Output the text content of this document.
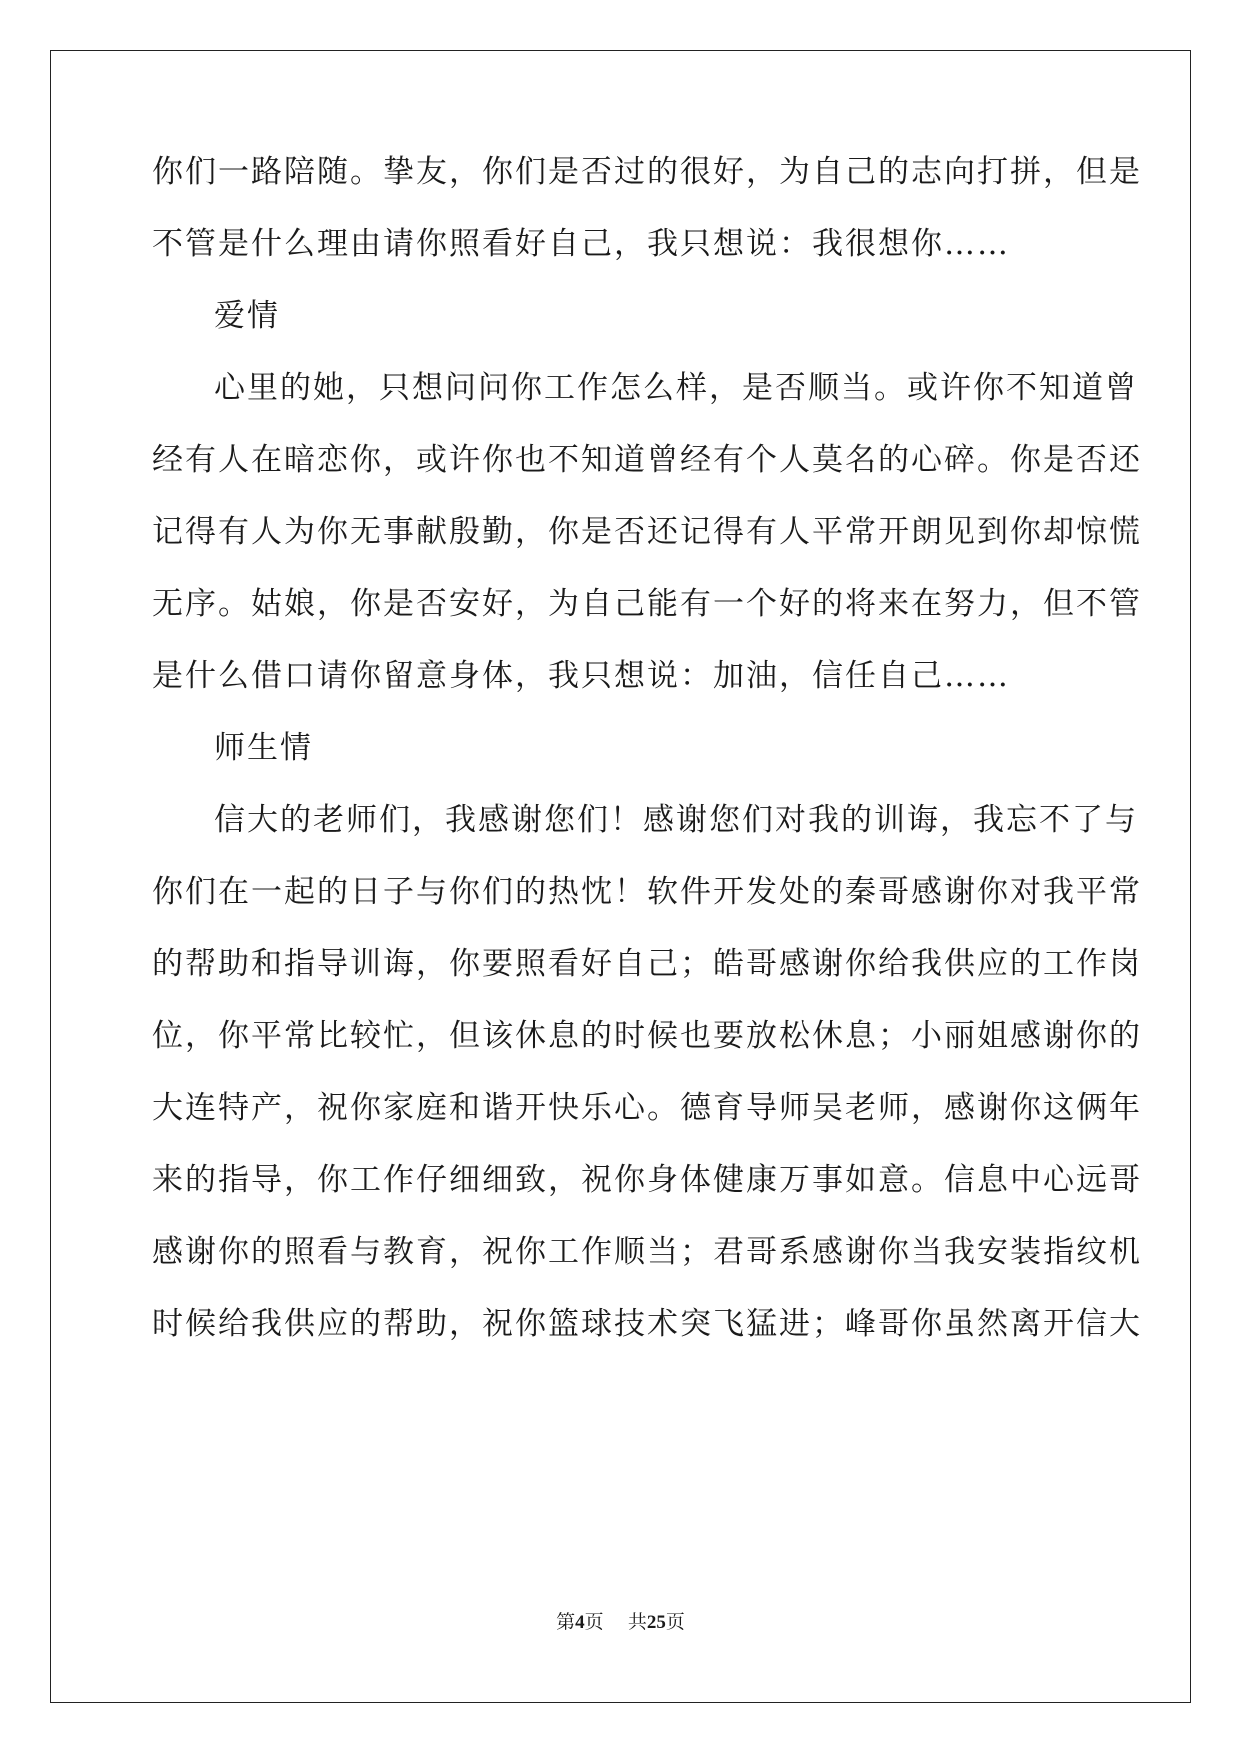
你们一路陪随。挚友，你们是否过的很好，为自己的志向打拼，但是

不管是什么理由请你照看好自己，我只想说：我很想你……

爱情

心里的她，只想问问你工作怎么样，是否顺当。或许你不知道曾

经有人在暗恋你，或许你也不知道曾经有个人莫名的心碎。你是否还

记得有人为你无事献殷勤，你是否还记得有人平常开朗见到你却惊慌

无序。姑娘，你是否安好，为自己能有一个好的将来在努力，但不管

是什么借口请你留意身体，我只想说：加油，信任自己……

师生情

信大的老师们，我感谢您们！感谢您们对我的训诲，我忘不了与

你们在一起的日子与你们的热忱！软件开发处的秦哥感谢你对我平常

的帮助和指导训诲，你要照看好自己；皓哥感谢你给我供应的工作岗

位，你平常比较忙，但该休息的时候也要放松休息；小丽姐感谢你的

大连特产，祝你家庭和谐开快乐心。德育导师吴老师，感谢你这俩年

来的指导，你工作仔细细致，祝你身体健康万事如意。信息中心远哥

感谢你的照看与教育，祝你工作顺当；君哥系感谢你当我安装指纹机

时候给我供应的帮助，祝你篮球技术突飞猛进；峰哥你虽然离开信大

第4页 共25页
